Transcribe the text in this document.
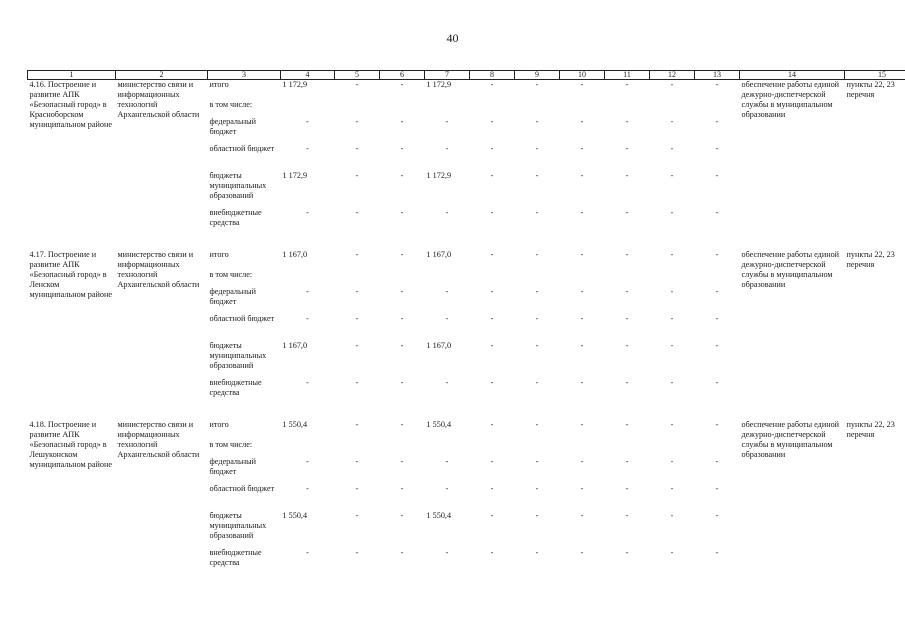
40
1	2	3	4	5	6	7	8	9	10	11	12	13	14	15
4.16. Построение и развитие АПК «Безопасный город» в Красноборском муниципальном районе	министерство связи и информационных технологий Архангельской области	итого	1 172,9	-	-	1 172,9	-	-	-	-	-	-	обеспечение работы единой дежурно-диспетчерской службы в муниципальном образовании	пункты 22, 23 перечня
		в том числе:												
		федеральный бюджет	-	-	-	-	-	-	-	-	-	-		
		областной бюджет	-	-	-	-	-	-	-	-	-	-		
		бюджеты муниципальных образований	1 172,9	-	-	1 172,9	-	-	-	-	-	-		
		внебюджетные средства	-	-	-	-	-	-	-	-	-	-		

4.17. Построение и развитие АПК «Безопасный город» в Ленском муниципальном районе	министерство связи и информационных технологий Архангельской области	итого	1 167,0	-	-	1 167,0	-	-	-	-	-	-	обеспечение работы единой дежурно-диспетчерской службы в муниципальном образовании	пункты 22, 23 перечня
		в том числе:												
		федеральный бюджет	-	-	-	-	-	-	-	-	-	-		
		областной бюджет	-	-	-	-	-	-	-	-	-	-		
		бюджеты муниципальных образований	1 167,0	-	-	1 167,0	-	-	-	-	-	-		
		внебюджетные средства	-	-	-	-	-	-	-	-	-	-		

4.18. Построение и развитие АПК «Безопасный город» в Лешуконском муниципальном районе	министерство связи и информационных технологий Архангельской области	итого	1 550,4	-	-	1 550,4	-	-	-	-	-	-	обеспечение работы единой дежурно-диспетчерской службы в муниципальном образовании	пункты 22, 23 перечня
		в том числе:												
		федеральный бюджет	-	-	-	-	-	-	-	-	-	-		
		областной бюджет	-	-	-	-	-	-	-	-	-	-		
		бюджеты муниципальных образований	1 550,4	-	-	1 550,4	-	-	-	-	-	-		
		внебюджетные средства	-	-	-	-	-	-	-	-	-	-		
